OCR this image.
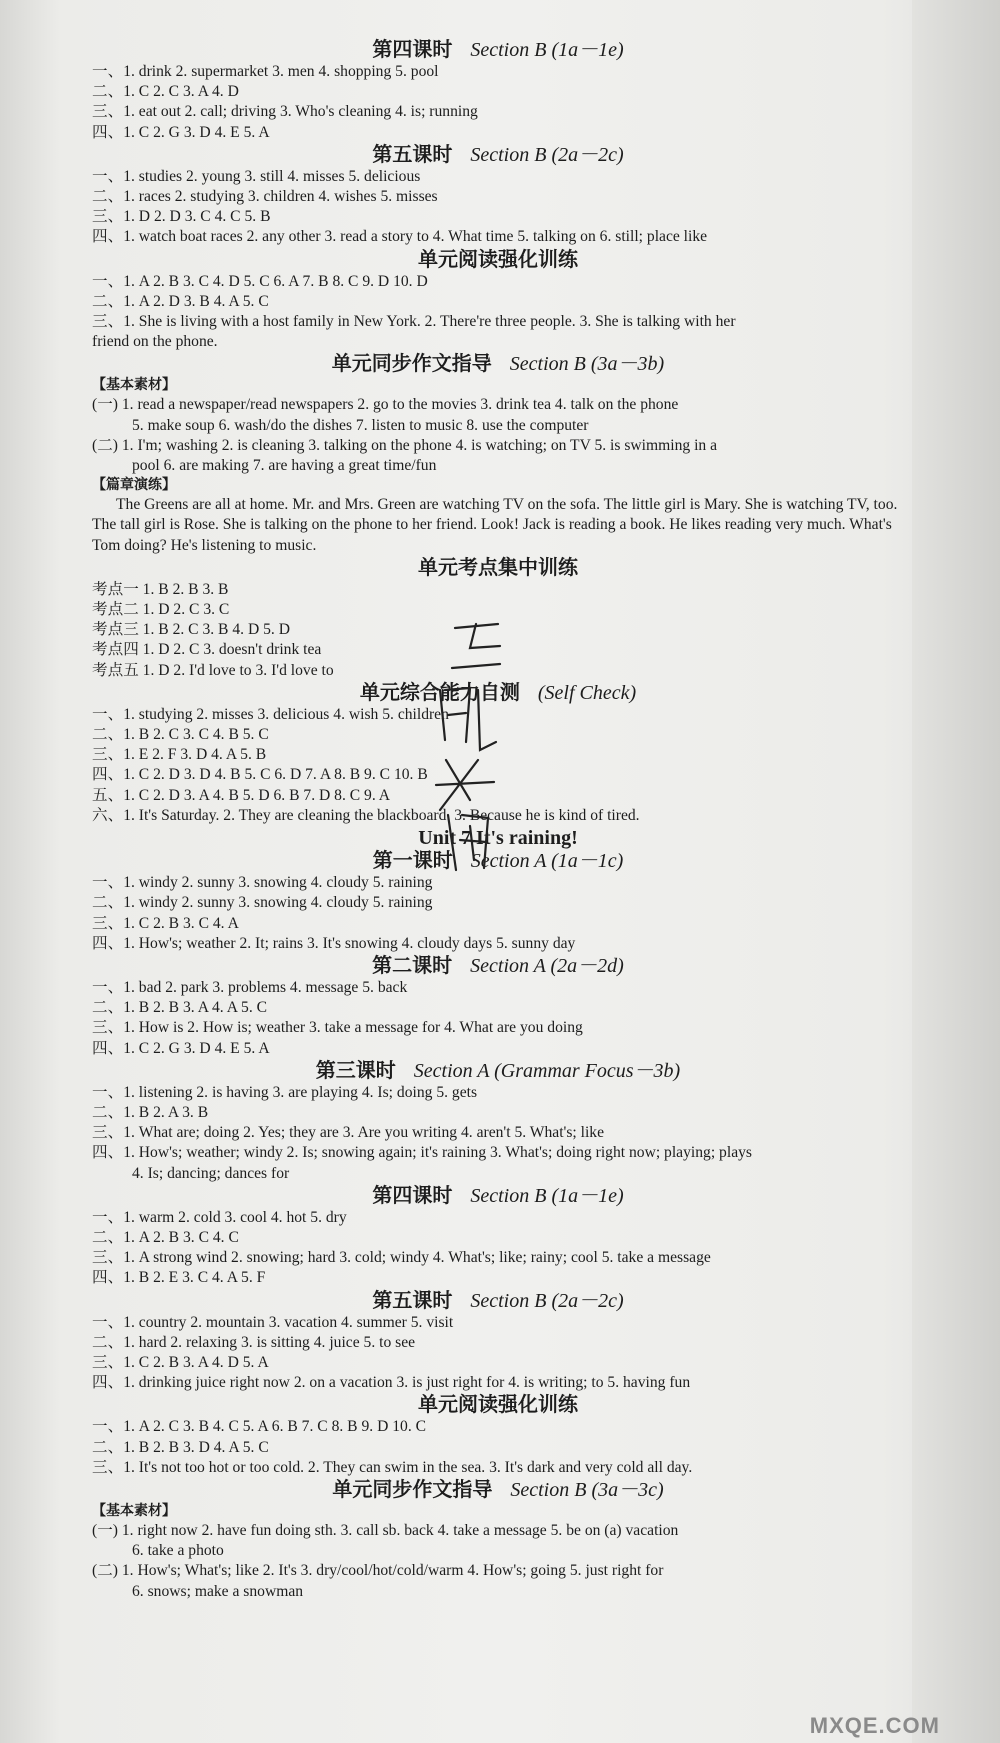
第四课时 Section B (1a－1e)
一、1. drink 2. supermarket 3. men 4. shopping 5. pool
二、1. C 2. C 3. A 4. D
三、1. eat out 2. call; driving 3. Who's cleaning 4. is; running
四、1. C 2. G 3. D 4. E 5. A
第五课时 Section B (2a－2c)
一、1. studies 2. young 3. still 4. misses 5. delicious
二、1. races 2. studying 3. children 4. wishes 5. misses
三、1. D 2. D 3. C 4. C 5. B
四、1. watch boat races 2. any other 3. read a story to 4. What time 5. talking on 6. still; place like
单元阅读强化训练
一、1. A 2. B 3. C 4. D 5. C 6. A 7. B 8. C 9. D 10. D
二、1. A 2. D 3. B 4. A 5. C
三、1. She is living with a host family in New York. 2. There're three people. 3. She is talking with her
friend on the phone.
单元同步作文指导 Section B (3a－3b)
【基本素材】
(一) 1. read a newspaper/read newspapers 2. go to the movies 3. drink tea 4. talk on the phone
5. make soup 6. wash/do the dishes 7. listen to music 8. use the computer
(二) 1. I'm; washing 2. is cleaning 3. talking on the phone 4. is watching; on TV 5. is swimming in a
pool 6. are making 7. are having a great time/fun
【篇章演练】
The Greens are all at home. Mr. and Mrs. Green are watching TV on the sofa. The little girl is Mary. She is watching TV, too. The tall girl is Rose. She is talking on the phone to her friend. Look! Jack is reading a book. He likes reading very much. What's Tom doing? He's listening to music.
单元考点集中训练
考点一 1. B 2. B 3. B
考点二 1. D 2. C 3. C
考点三 1. B 2. C 3. B 4. D 5. D
考点四 1. D 2. C 3. doesn't drink tea
考点五 1. D 2. I'd love to 3. I'd love to
单元综合能力自测 (Self Check)
一、1. studying 2. misses 3. delicious 4. wish 5. children
二、1. B 2. C 3. C 4. B 5. C
三、1. E 2. F 3. D 4. A 5. B
四、1. C 2. D 3. D 4. B 5. C 6. D 7. A 8. B 9. C 10. B
五、1. C 2. D 3. A 4. B 5. D 6. B 7. D 8. C 9. A
六、1. It's Saturday. 2. They are cleaning the blackboard. 3. Because he is kind of tired.
Unit 7 It's raining!
第一课时 Section A (1a－1c)
一、1. windy 2. sunny 3. snowing 4. cloudy 5. raining
二、1. windy 2. sunny 3. snowing 4. cloudy 5. raining
三、1. C 2. B 3. C 4. A
四、1. How's; weather 2. It; rains 3. It's snowing 4. cloudy days 5. sunny day
第二课时 Section A (2a－2d)
一、1. bad 2. park 3. problems 4. message 5. back
二、1. B 2. B 3. A 4. A 5. C
三、1. How is 2. How is; weather 3. take a message for 4. What are you doing
四、1. C 2. G 3. D 4. E 5. A
第三课时 Section A (Grammar Focus－3b)
一、1. listening 2. is having 3. are playing 4. Is; doing 5. gets
二、1. B 2. A 3. B
三、1. What are; doing 2. Yes; they are 3. Are you writing 4. aren't 5. What's; like
四、1. How's; weather; windy 2. Is; snowing again; it's raining 3. What's; doing right now; playing; plays
4. Is; dancing; dances for
第四课时 Section B (1a－1e)
一、1. warm 2. cold 3. cool 4. hot 5. dry
二、1. A 2. B 3. C 4. C
三、1. A strong wind 2. snowing; hard 3. cold; windy 4. What's; like; rainy; cool 5. take a message
四、1. B 2. E 3. C 4. A 5. F
第五课时 Section B (2a－2c)
一、1. country 2. mountain 3. vacation 4. summer 5. visit
二、1. hard 2. relaxing 3. is sitting 4. juice 5. to see
三、1. C 2. B 3. A 4. D 5. A
四、1. drinking juice right now 2. on a vacation 3. is just right for 4. is writing; to 5. having fun
单元阅读强化训练
一、1. A 2. C 3. B 4. C 5. A 6. B 7. C 8. B 9. D 10. C
二、1. B 2. B 3. D 4. A 5. C
三、1. It's not too hot or too cold. 2. They can swim in the sea. 3. It's dark and very cold all day.
单元同步作文指导 Section B (3a－3c)
【基本素材】
(一) 1. right now 2. have fun doing sth. 3. call sb. back 4. take a message 5. be on (a) vacation
6. take a photo
(二) 1. How's; What's; like 2. It's 3. dry/cool/hot/cold/warm 4. How's; going 5. just right for
6. snows; make a snowman
MXQE.COM
